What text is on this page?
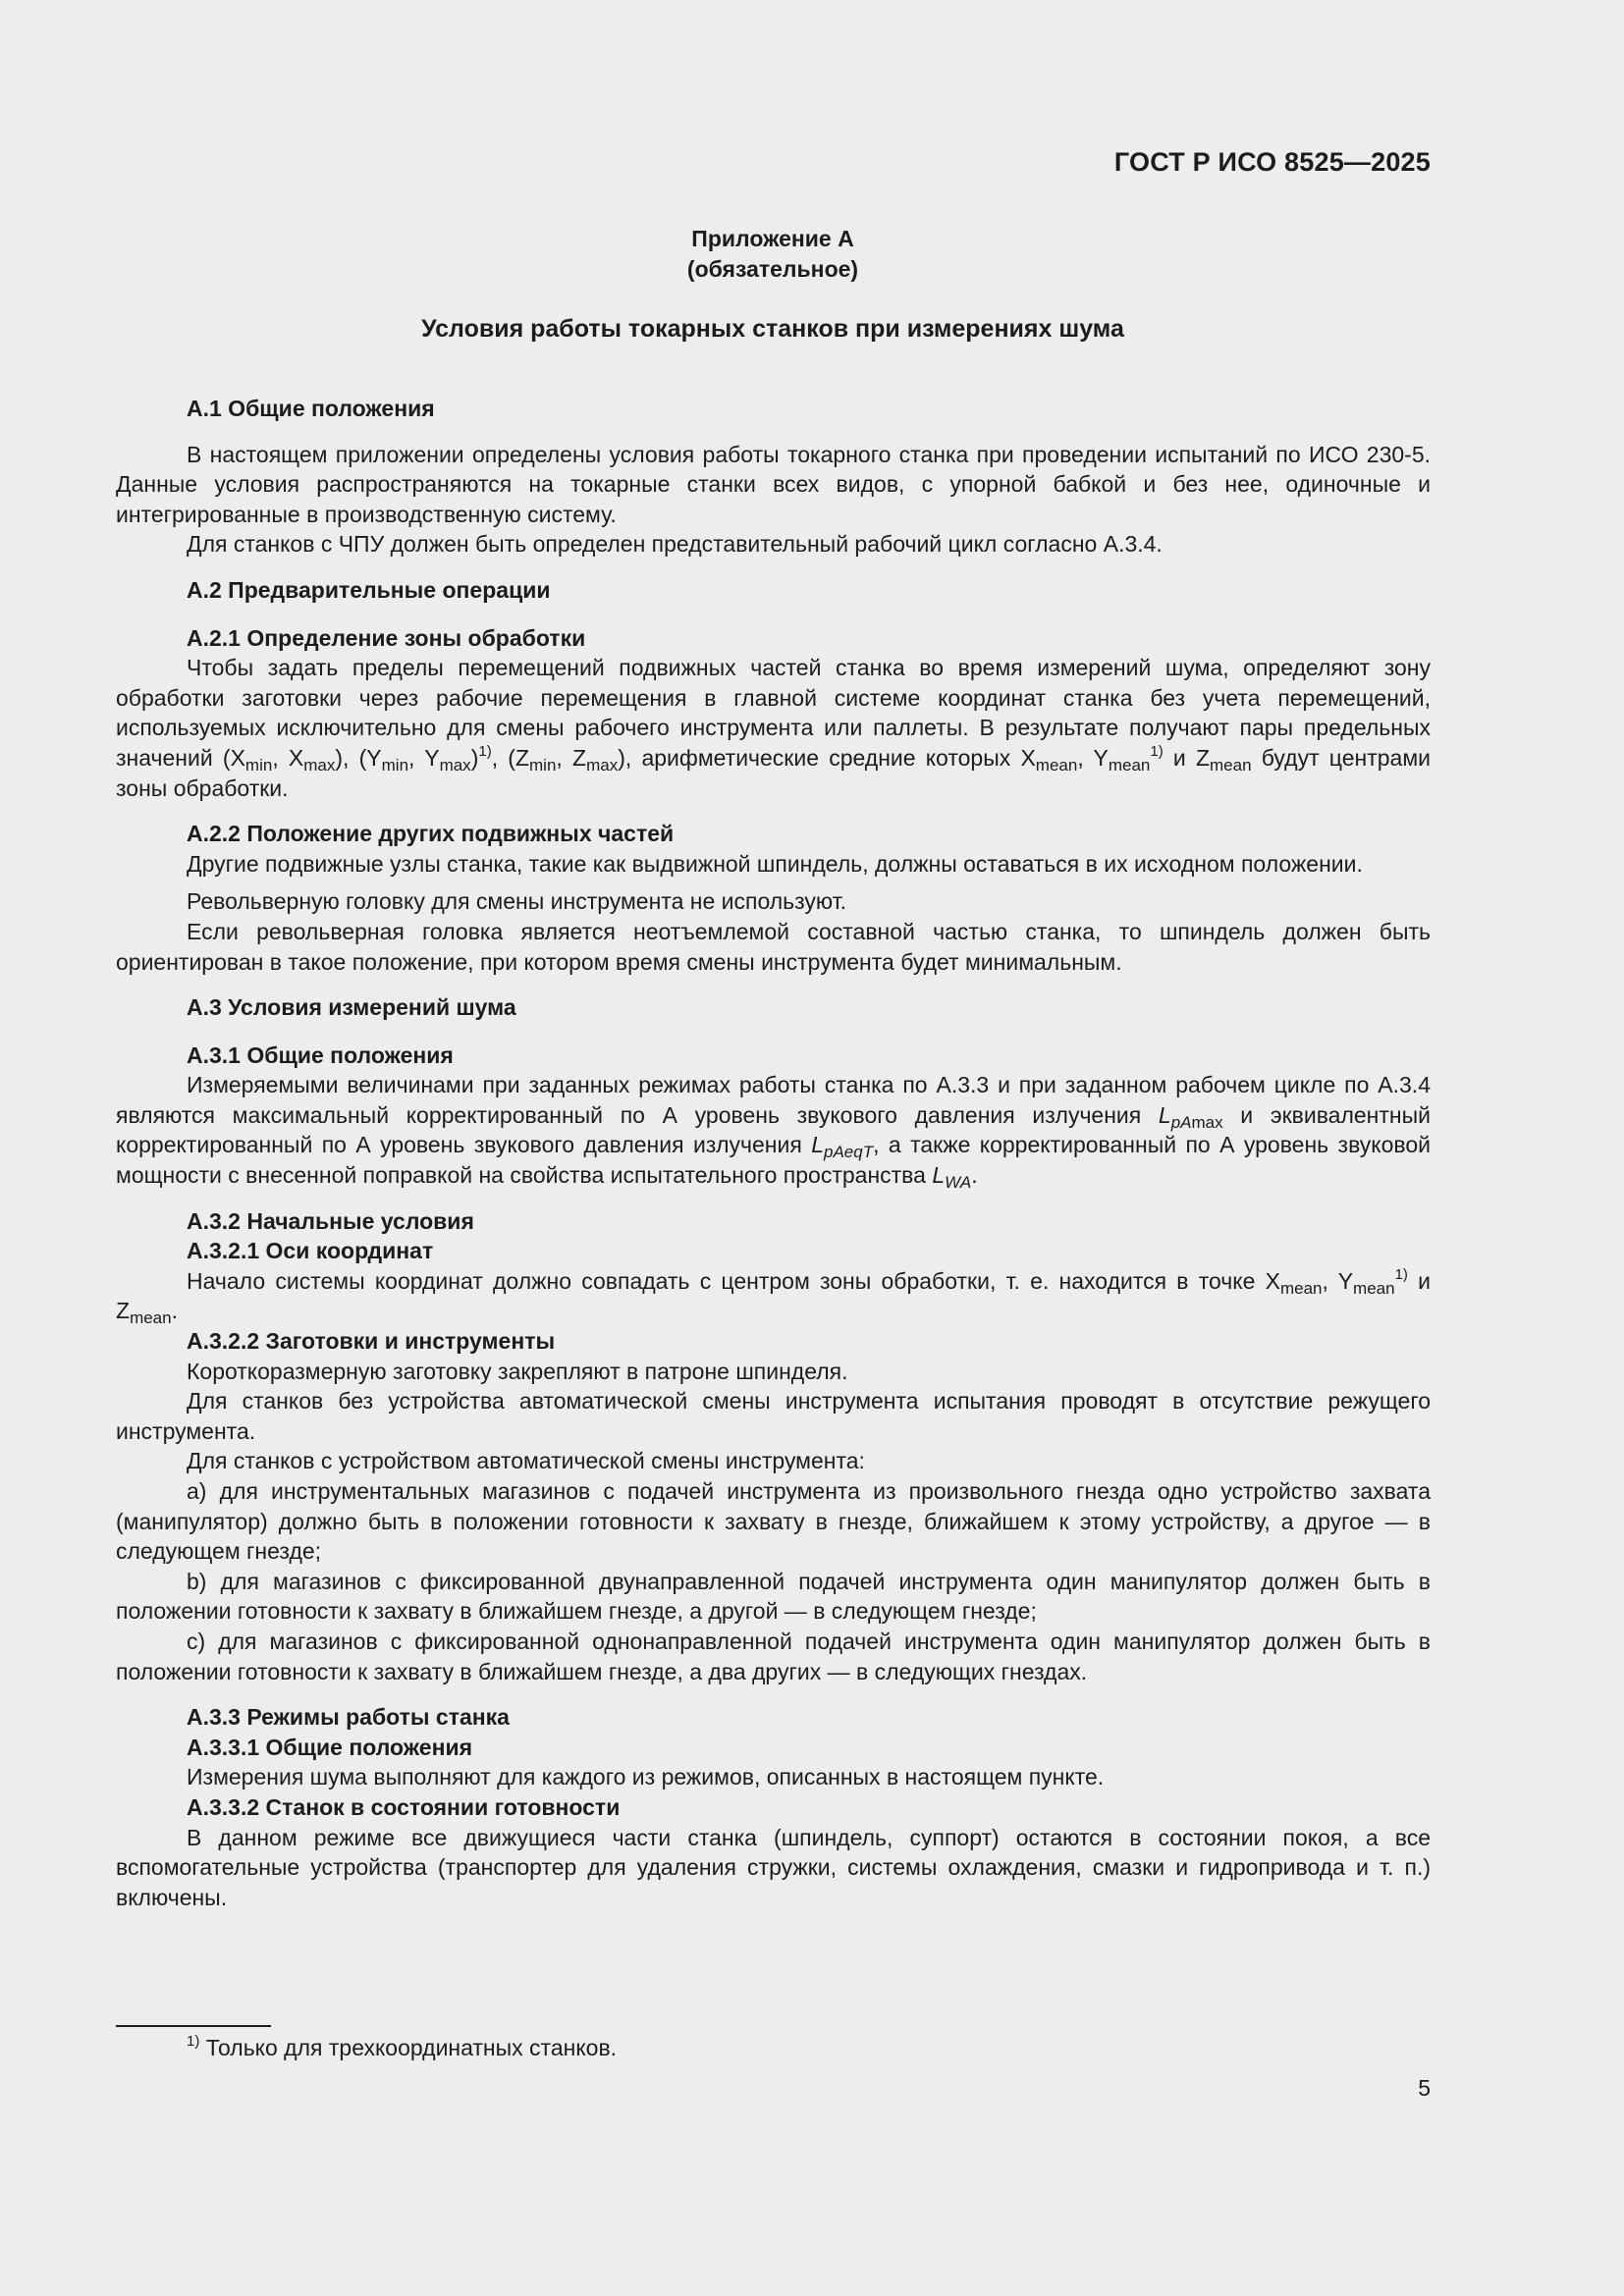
ГОСТ Р ИСО 8525—2025
Приложение А
(обязательное)
Условия работы токарных станков при измерениях шума
А.1 Общие положения

В настоящем приложении определены условия работы токарного станка при проведении испытаний по ИСО 230-5. Данные условия распространяются на токарные станки всех видов, с упорной бабкой и без нее, одиночные и интегрированные в производственную систему.

Для станков с ЧПУ должен быть определен представительный рабочий цикл согласно А.3.4.

А.2 Предварительные операции
А.2.1 Определение зоны обработки

Чтобы задать пределы перемещений подвижных частей станка во время измерений шума, определяют зону обработки заготовки через рабочие перемещения в главной системе координат станка без учета перемещений, используемых исключительно для смены рабочего инструмента или паллеты. В результате получают пары предельных значений ($X_{min}$, $X_{max}$), ($Y_{min}$, $Y_{max})^{1)}$, ($Z_{min}$, $Z_{max}$), арифметические средние которых $X_{mean}$, $Y_{mean}^{1)}$ и $Z_{mean}$ будут центрами зоны обработки.

А.2.2 Положение других подвижных частей

Другие подвижные узлы станка, такие как выдвижной шпиндель, должны оставаться в их исходном положении.

Револьверную головку для смены инструмента не используют.

Если револьверная головка является неотъемлемой составной частью станка, то шпиндель должен быть ориентирован в такое положение, при котором время смены инструмента будет минимальным.

А.3 Условия измерений шума
А.3.1 Общие положения

Измеряемыми величинами при заданных режимах работы станка по А.3.3 и при заданном рабочем цикле по А.3.4 являются максимальный корректированный по А уровень звукового давления излучения $L_{pAmax}$ и эквивалентный корректированный по А уровень звукового давления излучения $L_{pAeqT}$, а также корректированный по А уровень звуковой мощности с внесенной поправкой на свойства испытательного пространства $L_{WA}$.

А.3.2 Начальные условия
А.3.2.1 Оси координат

Начало системы координат должно совпадать с центром зоны обработки, т. е. находится в точке $X_{mean}$, $Y_{mean}^{1)}$ и $Z_{mean}$.

А.3.2.2 Заготовки и инструменты

Короткоразмерную заготовку закрепляют в патроне шпинделя.

Для станков без устройства автоматической смены инструмента испытания проводят в отсутствие режущего инструмента.

Для станков с устройством автоматической смены инструмента:

a) для инструментальных магазинов с подачей инструмента из произвольного гнезда одно устройство захвата (манипулятор) должно быть в положении готовности к захвату в гнезде, ближайшем к этому устройству, а другое — в следующем гнезде;

b) для магазинов с фиксированной двунаправленной подачей инструмента один манипулятор должен быть в положении готовности к захвату в ближайшем гнезде, а другой — в следующем гнезде;

c) для магазинов с фиксированной однонаправленной подачей инструмента один манипулятор должен быть в положении готовности к захвату в ближайшем гнезде, а два других — в следующих гнездах.

А.3.3 Режимы работы станка
А.3.3.1 Общие положения

Измерения шума выполняют для каждого из режимов, описанных в настоящем пункте.

А.3.3.2 Станок в состоянии готовности

В данном режиме все движущиеся части станка (шпиндель, суппорт) остаются в состоянии покоя, а все вспомогательные устройства (транспортер для удаления стружки, системы охлаждения, смазки и гидропривода и т. п.) включены.

$^{1)}$ Только для трехкоординатных станков.
5
